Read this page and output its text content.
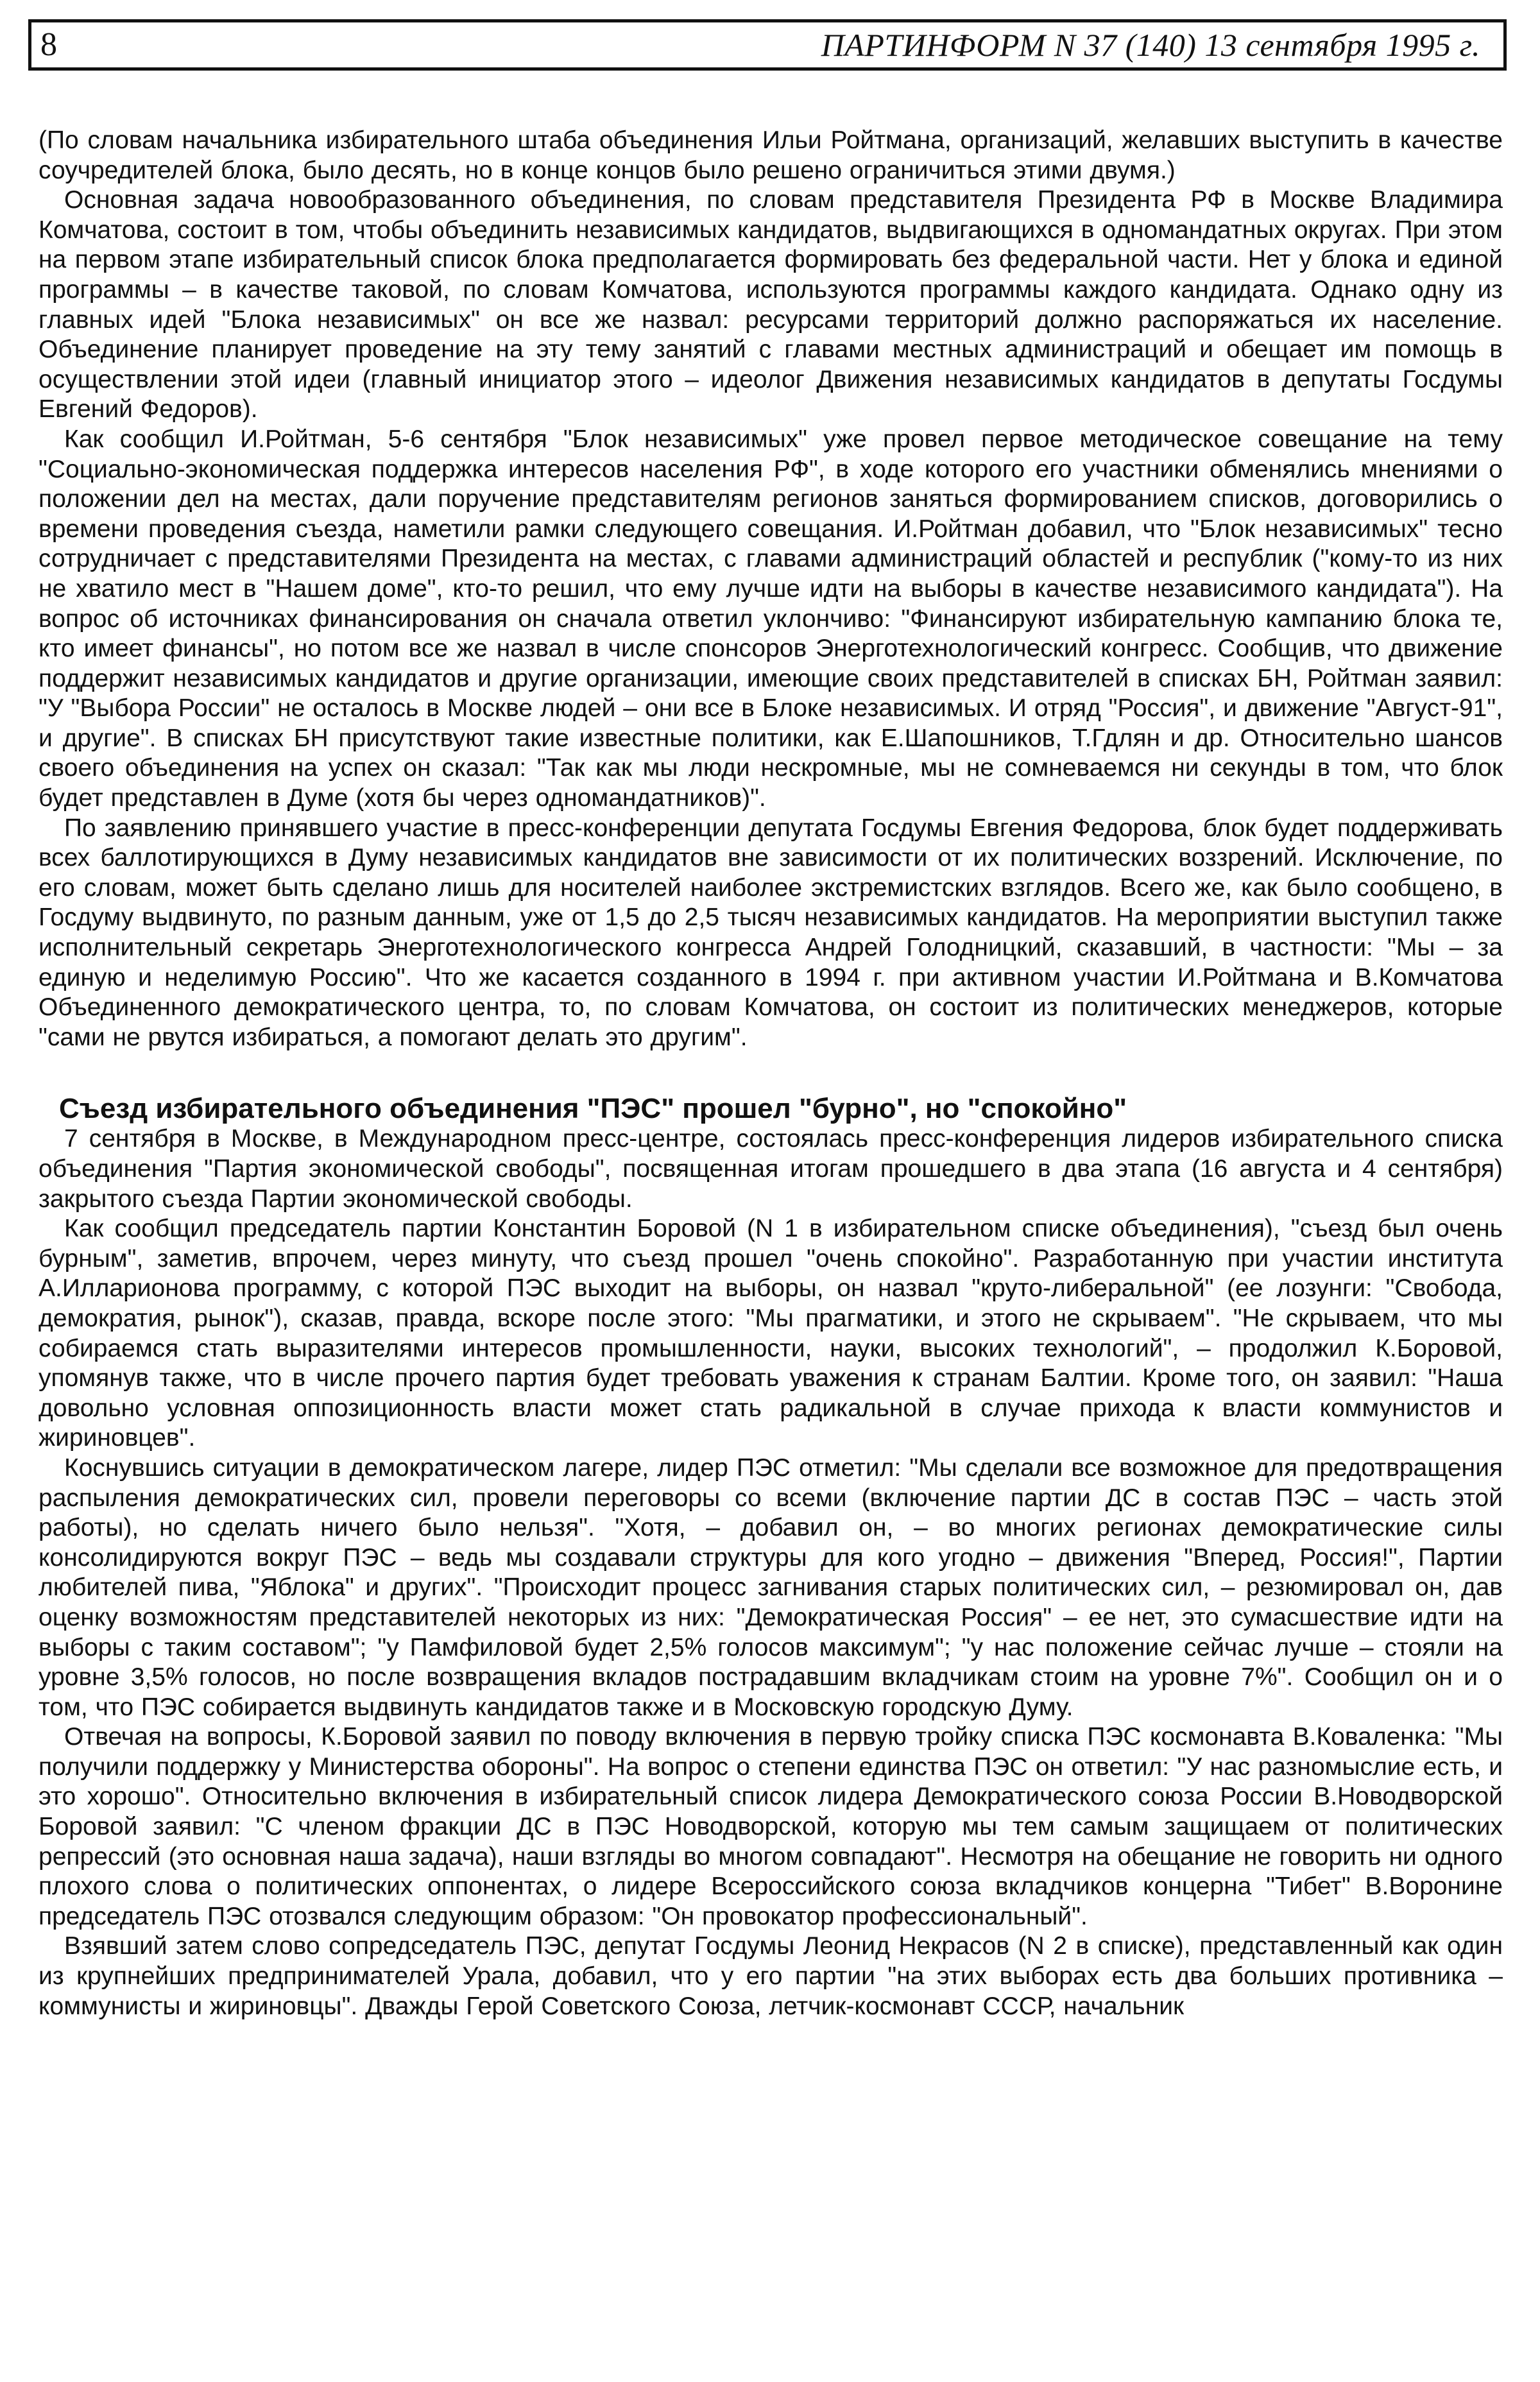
8	ПАРТИНФОРМ N 37 (140) 13 сентября 1995 г.

(По словам начальника избирательного штаба объединения Ильи Ройтмана, организаций, желавших выступить в качестве соучредителей блока, было десять, но в конце концов было решено ограничиться этими двумя.)

Основная задача новообразованного объединения, по словам представителя Президента РФ в Москве Владимира Комчатова, состоит в том, чтобы объединить независимых кандидатов, выдвигающихся в одномандатных округах. При этом на первом этапе избирательный список блока предполагается формировать без федеральной части. Нет у блока и единой программы – в качестве таковой, по словам Комчатова, используются программы каждого кандидата. Однако одну из главных идей "Блока независимых" он все же назвал: ресурсами территорий должно распоряжаться их население. Объединение планирует проведение на эту тему занятий с главами местных администраций и обещает им помощь в осуществлении этой идеи (главный инициатор этого – идеолог Движения независимых кандидатов в депутаты Госдумы Евгений Федоров).

Как сообщил И.Ройтман, 5-6 сентября "Блок независимых" уже провел первое методическое совещание на тему "Социально-экономическая поддержка интересов населения РФ", в ходе которого его участники обменялись мнениями о положении дел на местах, дали поручение представителям регионов заняться формированием списков, договорились о времени проведения съезда, наметили рамки следующего совещания. И.Ройтман добавил, что "Блок независимых" тесно сотрудничает с представителями Президента на местах, с главами администраций областей и республик ("кому-то из них не хватило мест в "Нашем доме", кто-то решил, что ему лучше идти на выборы в качестве независимого кандидата"). На вопрос об источниках финансирования он сначала ответил уклончиво: "Финансируют избирательную кампанию блока те, кто имеет финансы", но потом все же назвал в числе спонсоров Энерготехнологический конгресс. Сообщив, что движение поддержит независимых кандидатов и другие организации, имеющие своих представителей в списках БН, Ройтман заявил: "У "Выбора России" не осталось в Москве людей – они все в Блоке независимых. И отряд "Россия", и движение "Август-91", и другие". В списках БН присутствуют такие известные политики, как Е.Шапошников, Т.Гдлян и др. Относительно шансов своего объединения на успех он сказал: "Так как мы люди нескромные, мы не сомневаемся ни секунды в том, что блок будет представлен в Думе (хотя бы через одномандатников)".

По заявлению принявшего участие в пресс-конференции депутата Госдумы Евгения Федорова, блок будет поддерживать всех баллотирующихся в Думу независимых кандидатов вне зависимости от их политических воззрений. Исключение, по его словам, может быть сделано лишь для носителей наиболее экстремистских взглядов. Всего же, как было сообщено, в Госдуму выдвинуто, по разным данным, уже от 1,5 до 2,5 тысяч независимых кандидатов. На мероприятии выступил также исполнительный секретарь Энерготехнологического конгресса Андрей Голодницкий, сказавший, в частности: "Мы – за единую и неделимую Россию". Что же касается созданного в 1994 г. при активном участии И.Ройтмана и В.Комчатова Объединенного демократического центра, то, по словам Комчатова, он состоит из политических менеджеров, которые "сами не рвутся избираться, а помогают делать это другим".

Съезд избирательного объединения "ПЭС" прошел "бурно", но "спокойно"

7 сентября в Москве, в Международном пресс-центре, состоялась пресс-конференция лидеров избирательного списка объединения "Партия экономической свободы", посвященная итогам прошедшего в два этапа (16 августа и 4 сентября) закрытого съезда Партии экономической свободы.

Как сообщил председатель партии Константин Боровой (N 1 в избирательном списке объединения), "съезд был очень бурным", заметив, впрочем, через минуту, что съезд прошел "очень спокойно". Разработанную при участии института А.Илларионова программу, с которой ПЭС выходит на выборы, он назвал "круто-либеральной" (ее лозунги: "Свобода, демократия, рынок"), сказав, правда, вскоре после этого: "Мы прагматики, и этого не скрываем". "Не скрываем, что мы собираемся стать выразителями интересов промышленности, науки, высоких технологий", – продолжил К.Боровой, упомянув также, что в числе прочего партия будет требовать уважения к странам Балтии. Кроме того, он заявил: "Наша довольно условная оппозиционность власти может стать радикальной в случае прихода к власти коммунистов и жириновцев".

Коснувшись ситуации в демократическом лагере, лидер ПЭС отметил: "Мы сделали все возможное для предотвращения распыления демократических сил, провели переговоры со всеми (включение партии ДС в состав ПЭС – часть этой работы), но сделать ничего было нельзя". "Хотя, – добавил он, – во многих регионах демократические силы консолидируются вокруг ПЭС – ведь мы создавали структуры для кого угодно – движения "Вперед, Россия!", Партии любителей пива, "Яблока" и других". "Происходит процесс загнивания старых политических сил, – резюмировал он, дав оценку возможностям представителей некоторых из них: "Демократическая Россия" – ее нет, это сумасшествие идти на выборы с таким составом"; "у Памфиловой будет 2,5% голосов максимум"; "у нас положение сейчас лучше – стояли на уровне 3,5% голосов, но после возвращения вкладов пострадавшим вкладчикам стоим на уровне 7%". Сообщил он и о том, что ПЭС собирается выдвинуть кандидатов также и в Московскую городскую Думу.

Отвечая на вопросы, К.Боровой заявил по поводу включения в первую тройку списка ПЭС космонавта В.Коваленка: "Мы получили поддержку у Министерства обороны". На вопрос о степени единства ПЭС он ответил: "У нас разномыслие есть, и это хорошо". Относительно включения в избирательный список лидера Демократического союза России В.Новодворской Боровой заявил: "С членом фракции ДС в ПЭС Новодворской, которую мы тем самым защищаем от политических репрессий (это основная наша задача), наши взгляды во многом совпадают". Несмотря на обещание не говорить ни одного плохого слова о политических оппонентах, о лидере Всероссийского союза вкладчиков концерна "Тибет" В.Воронине председатель ПЭС отозвался следующим образом: "Он провокатор профессиональный".

Взявший затем слово сопредседатель ПЭС, депутат Госдумы Леонид Некрасов (N 2 в списке), представленный как один из крупнейших предпринимателей Урала, добавил, что у его партии "на этих выборах есть два больших противника – коммунисты и жириновцы". Дважды Герой Советского Союза, летчик-космонавт СССР, начальник
